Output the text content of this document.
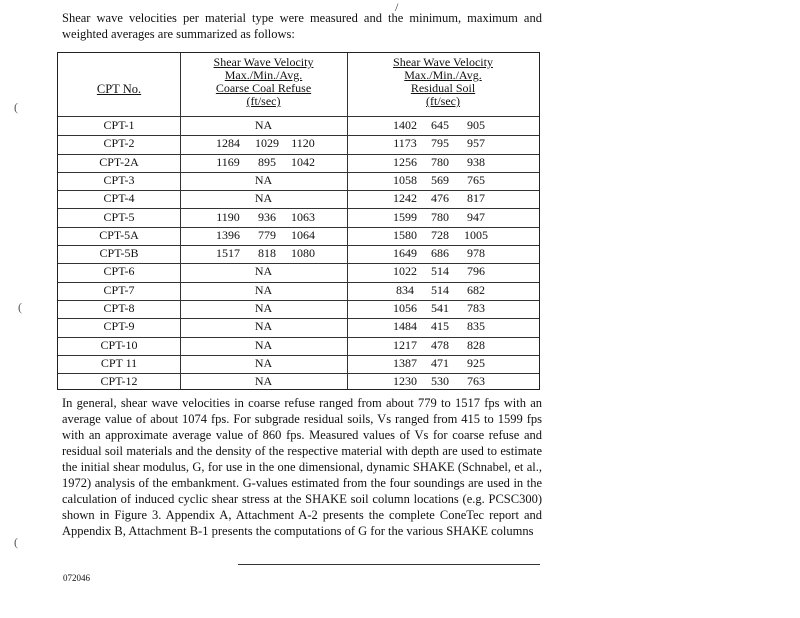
/
Shear wave velocities per material type were measured and the minimum, maximum and weighted averages are summarized as follows:
CPT No.
Shear Wave Velocity
Max./Min./Avg.
Coarse Coal Refuse
(ft/sec)
Shear Wave Velocity
Max./Min./Avg.
Residual Soil
(ft/sec)
CPT-1	NA	1402	645	905
CPT-2	1284	1029	1120	1173	795	957
CPT-2A	1169	895	1042	1256	780	938
CPT-3	NA	1058	569	765
CPT-4	NA	1242	476	817
CPT-5	1190	936	1063	1599	780	947
CPT-5A	1396	779	1064	1580	728	1005
CPT-5B	1517	818	1080	1649	686	978
CPT-6	NA	1022	514	796
CPT-7	NA	834	514	682
CPT-8	NA	1056	541	783
CPT-9	NA	1484	415	835
CPT-10	NA	1217	478	828
CPT 11	NA	1387	471	925
CPT-12	NA	1230	530	763
In general, shear wave velocities in coarse refuse ranged from about 779 to 1517 fps with an average value of about 1074 fps. For subgrade residual soils, Vs ranged from 415 to 1599 fps with an approximate average value of 860 fps. Measured values of Vs for coarse refuse and residual soil materials and the density of the respective material with depth are used to estimate the initial shear modulus, G, for use in the one dimensional, dynamic SHAKE (Schnabel, et al., 1972) analysis of the embankment. G-values estimated from the four soundings are used in the calculation of induced cyclic shear stress at the SHAKE soil column locations (e.g. PCSC300) shown in Figure 3. Appendix A, Attachment A-2 presents the complete ConeTec report and Appendix B, Attachment B-1 presents the computations of G for the various SHAKE columns
(
(
(
072046
